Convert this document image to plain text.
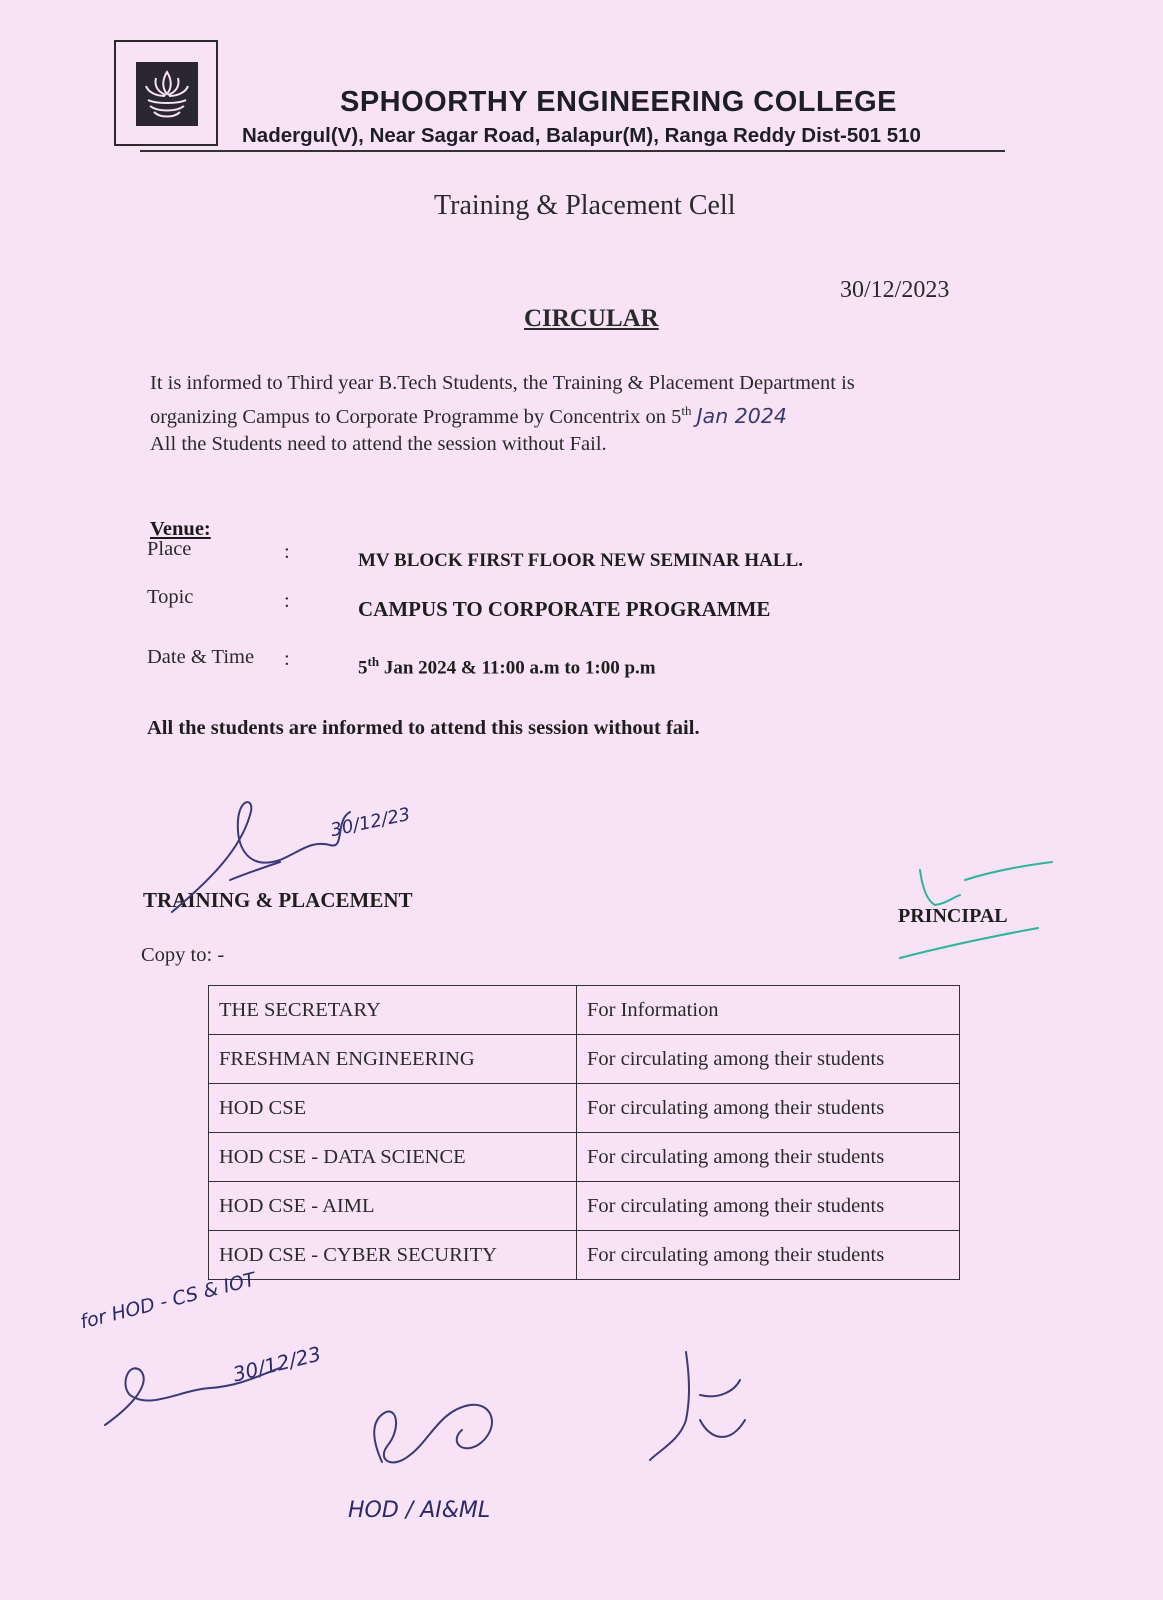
SPHOORTHY ENGINEERING COLLEGE
Nadergul(V), Near Sagar Road, Balapur(M), Ranga Reddy Dist-501 510
Training & Placement Cell
30/12/2023
CIRCULAR
It is informed to Third year B.Tech Students, the Training & Placement Department is
organizing Campus to Corporate Programme by Concentrix on 5th Jan 2024
All the Students need to attend the session without Fail.
Venue:
Place	:	MV BLOCK FIRST FLOOR NEW SEMINAR HALL.
Topic	:	CAMPUS TO CORPORATE PROGRAMME
Date & Time :	5th Jan 2024 & 11:00 a.m to 1:00 p.m
All the students are informed to attend this session without fail.
TRAINING & PLACEMENT
PRINCIPAL
30/12/23
Copy to: -
THE SECRETARY	For Information
FRESHMAN ENGINEERING	For circulating among their students
HOD CSE	For circulating among their students
HOD CSE - DATA SCIENCE	For circulating among their students
HOD CSE - AIML	For circulating among their students
HOD CSE - CYBER SECURITY	For circulating among their students
for HOD - CS & IOT
30/12/23
HOD / AI&ML
